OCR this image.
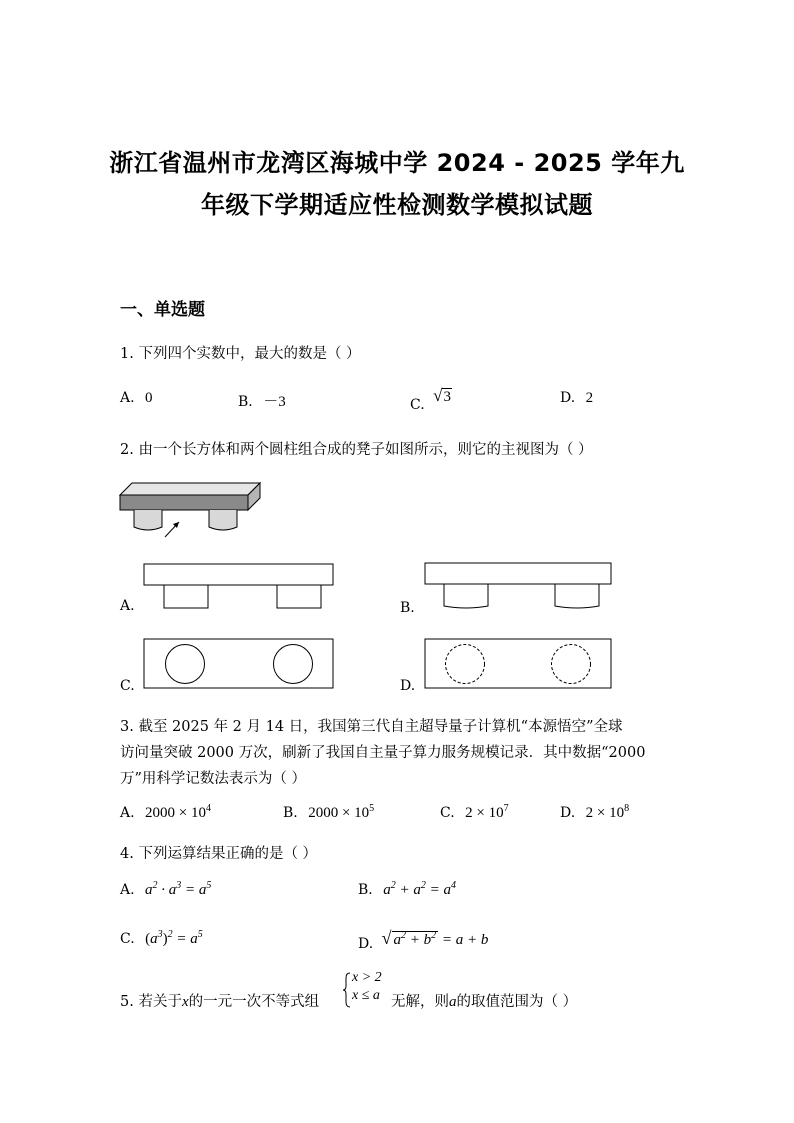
浙江省温州市龙湾区海城中学 2024 - 2025 学年九
年级下学期适应性检测数学模拟试题
一、单选题
1. 下列四个实数中，最大的数是（ ）
A. 0	B. －3	C. √3	D. 2
2. 由一个长方体和两个圆柱组合成的凳子如图所示，则它的主视图为（ ）
A.	B.
C.	D.
3. 截至 2025 年 2 月 14 日，我国第三代自主超导量子计算机“本源悟空”全球
访问量突破 2000 万次，刷新了我国自主量子算力服务规模记录．其中数据“2000
万”用科学记数法表示为（ ）
A. $2000 \times 10^4$	B. $2000 \times 10^5$	C. $2 \times 10^7$	D. $2 \times 10^8$
4. 下列运算结果正确的是（ ）
A. $a^2 \cdot a^3 = a^5$	B. $a^2 + a^2 = a^4$
C. $(a^3)^2 = a^5$
D. √ $a^2 + b^2 = a + b$
5. 若关于x的一元一次不等式组
x > 2
x ≤ a 无解，则a的取值范围为（ ）
